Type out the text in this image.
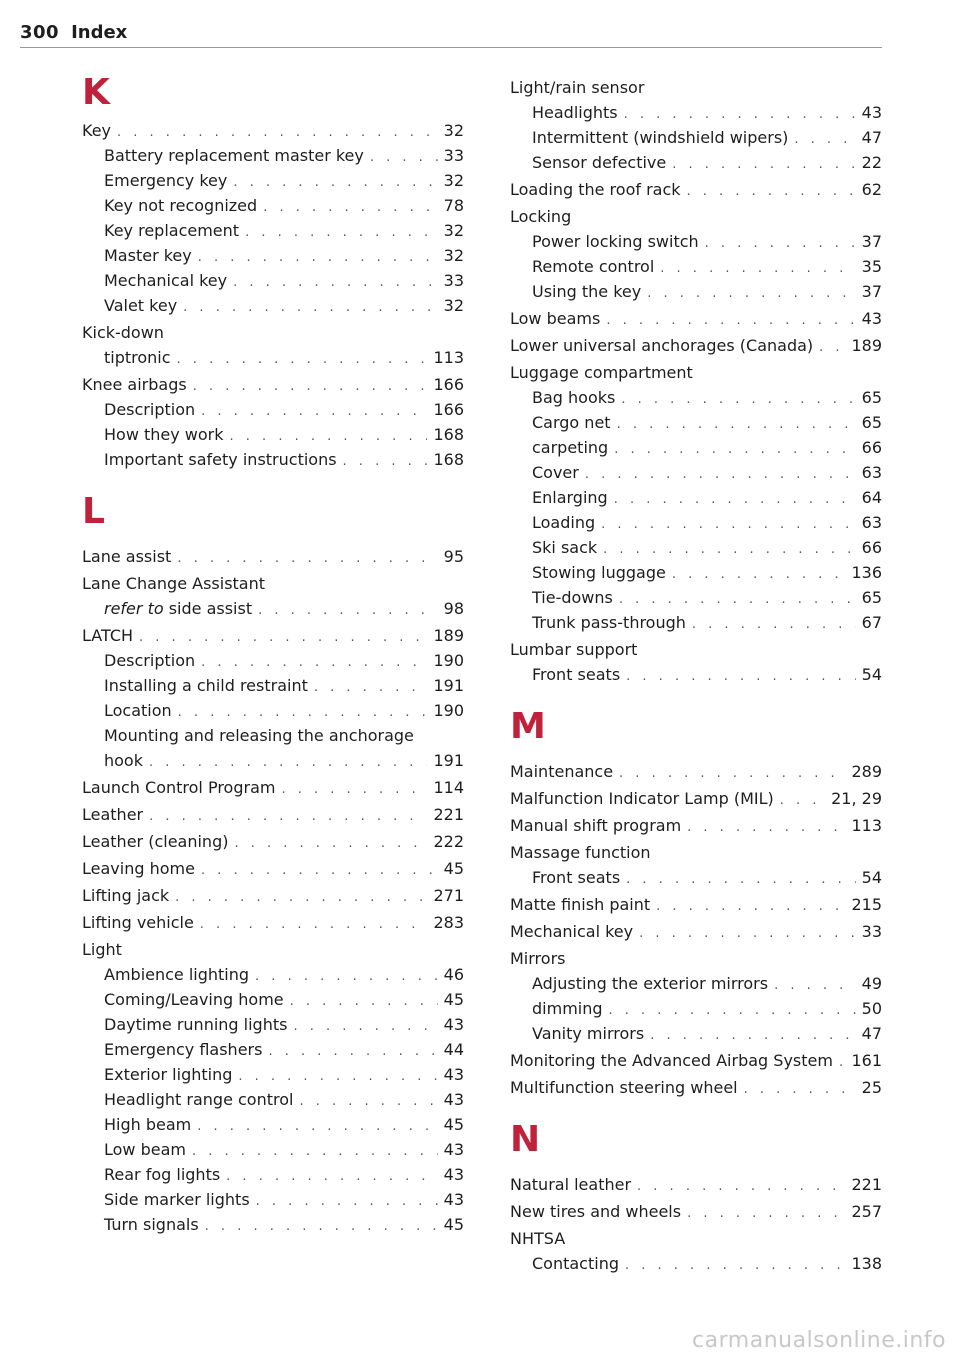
300 Index
K
Key . . .	32
Battery replacement master key . . .	33
Emergency key . . .	32
Key not recognized . . .	78
Key replacement . . .	32
Master key . . .	32
Mechanical key . . .	33
Valet key . . .	32
Kick-down
tiptronic . . .	113
Knee airbags . . .	166
Description . . .	166
How they work . . .	168
Important safety instructions . . .	168
L
Lane assist . . .	95
Lane Change Assistant
refer to side assist . . .	98
LATCH . . .	189
Description . . .	190
Installing a child restraint . . .	191
Location . . .	190
Mounting and releasing the anchorage
hook . . .	191
Launch Control Program . . .	114
Leather . . .	221
Leather (cleaning) . . .	222
Leaving home . . .	45
Lifting jack . . .	271
Lifting vehicle . . .	283
Light
Ambience lighting . . .	46
Coming/Leaving home . . .	45
Daytime running lights . . .	43
Emergency flashers . . .	44
Exterior lighting . . .	43
Headlight range control . . .	43
High beam . . .	45
Low beam . . .	43
Rear fog lights . . .	43
Side marker lights . . .	43
Turn signals . . .	45
Light/rain sensor
Headlights . . .	43
Intermittent (windshield wipers) . . .	47
Sensor defective . . .	22
Loading the roof rack . . .	62
Locking
Power locking switch . . .	37
Remote control . . .	35
Using the key . . .	37
Low beams . . .	43
Lower universal anchorages (Canada) . . . 189
Luggage compartment
Bag hooks . . .	65
Cargo net . . .	65
carpeting . . .	66
Cover . . .	63
Enlarging . . .	64
Loading . . .	63
Ski sack . . .	66
Stowing luggage . . .	136
Tie-downs . . .	65
Trunk pass-through . . .	67
Lumbar support
Front seats . . .	54
M
Maintenance . . .	289
Malfunction Indicator Lamp (MIL) . . .	21, 29
Manual shift program . . .	113
Massage function
Front seats . . .	54
Matte finish paint . . .	215
Mechanical key . . .	33
Mirrors
Adjusting the exterior mirrors . . .	49
dimming . . .	50
Vanity mirrors . . .	47
Monitoring the Advanced Airbag System . . . 161
Multifunction steering wheel . . .	25
N
Natural leather . . .	221
New tires and wheels . . .	257
NHTSA
Contacting . . .	138
carmanualsonline.info
